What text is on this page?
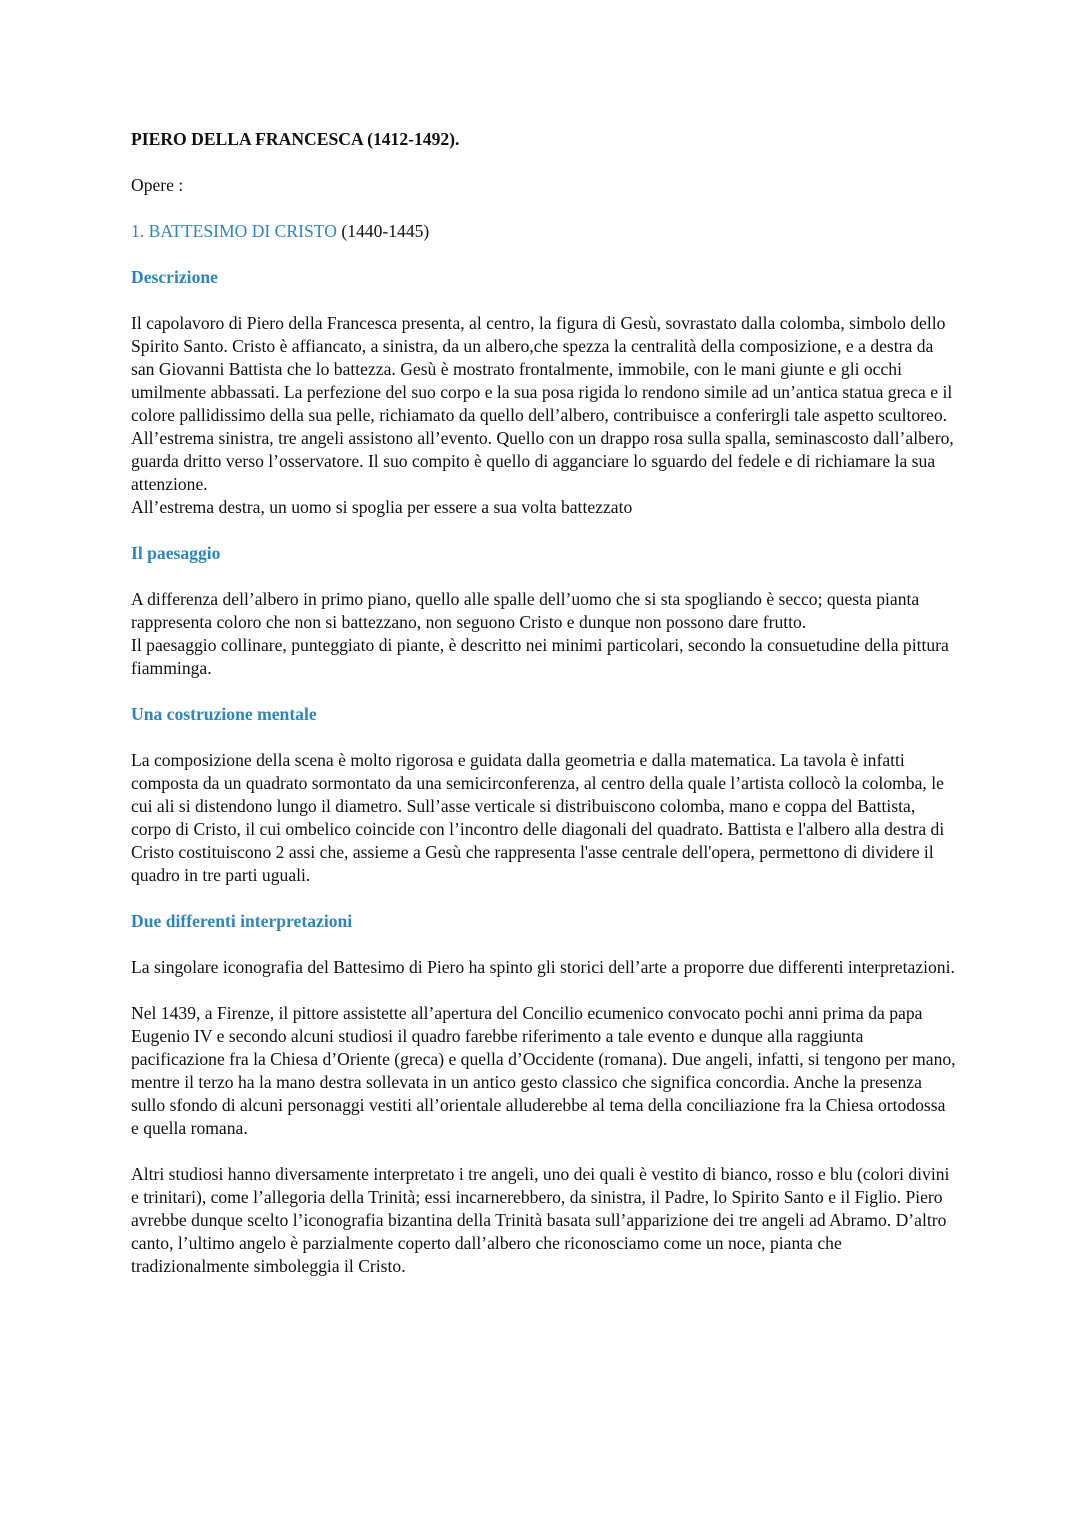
PIERO DELLA FRANCESCA (1412-1492).

Opere :

1. BATTESIMO DI CRISTO (1440-1445)

Descrizione

Il capolavoro di Piero della Francesca presenta, al centro, la figura di Gesù, sovrastato dalla colomba, simbolo dello Spirito Santo. Cristo è affiancato, a sinistra, da un albero,che spezza la centralità della composizione, e a destra da san Giovanni Battista che lo battezza. Gesù è mostrato frontalmente, immobile, con le mani giunte e gli occhi umilmente abbassati. La perfezione del suo corpo e la sua posa rigida lo rendono simile ad un’antica statua greca e il colore pallidissimo della sua pelle, richiamato da quello dell’albero, contribuisce a conferirgli tale aspetto scultoreo. All’estrema sinistra, tre angeli assistono all’evento. Quello con un drappo rosa sulla spalla, seminascosto dall’albero, guarda dritto verso l’osservatore. Il suo compito è quello di agganciare lo sguardo del fedele e di richiamare la sua attenzione.

All’estrema destra, un uomo si spoglia per essere a sua volta battezzato

Il paesaggio

A differenza dell’albero in primo piano, quello alle spalle dell’uomo che si sta spogliando è secco; questa pianta rappresenta coloro che non si battezzano, non seguono Cristo e dunque non possono dare frutto.

Il paesaggio collinare, punteggiato di piante, è descritto nei minimi particolari, secondo la consuetudine della pittura fiamminga.

Una costruzione mentale

La composizione della scena è molto rigorosa e guidata dalla geometria e dalla matematica. La tavola è infatti composta da un quadrato sormontato da una semicirconferenza, al centro della quale l’artista collocò la colomba, le cui ali si distendono lungo il diametro. Sull’asse verticale si distribuiscono colomba, mano e coppa del Battista, corpo di Cristo, il cui ombelico coincide con l’incontro delle diagonali del quadrato. Battista e l'albero alla destra di Cristo costituiscono 2 assi che, assieme a Gesù che rappresenta l'asse centrale dell'opera, permettono di dividere il quadro in tre parti uguali.

Due differenti interpretazioni

La singolare iconografia del Battesimo di Piero ha spinto gli storici dell’arte a proporre due differenti interpretazioni.

Nel 1439, a Firenze, il pittore assistette all’apertura del Concilio ecumenico convocato pochi anni prima da papa Eugenio IV e secondo alcuni studiosi il quadro farebbe riferimento a tale evento e dunque alla raggiunta pacificazione fra la Chiesa d’Oriente (greca) e quella d’Occidente (romana). Due angeli, infatti, si tengono per mano, mentre il terzo ha la mano destra sollevata in un antico gesto classico che significa concordia. Anche la presenza sullo sfondo di alcuni personaggi vestiti all’orientale alluderebbe al tema della conciliazione fra la Chiesa ortodossa e quella romana.

Altri studiosi hanno diversamente interpretato i tre angeli, uno dei quali è vestito di bianco, rosso e blu (colori divini e trinitari), come l’allegoria della Trinità; essi incarnerebbero, da sinistra, il Padre, lo Spirito Santo e il Figlio. Piero avrebbe dunque scelto l’iconografia bizantina della Trinità basata sull’apparizione dei tre angeli ad Abramo. D’altro canto, l’ultimo angelo è parzialmente coperto dall’albero che riconosciamo come un noce, pianta che tradizionalmente simboleggia il Cristo.
